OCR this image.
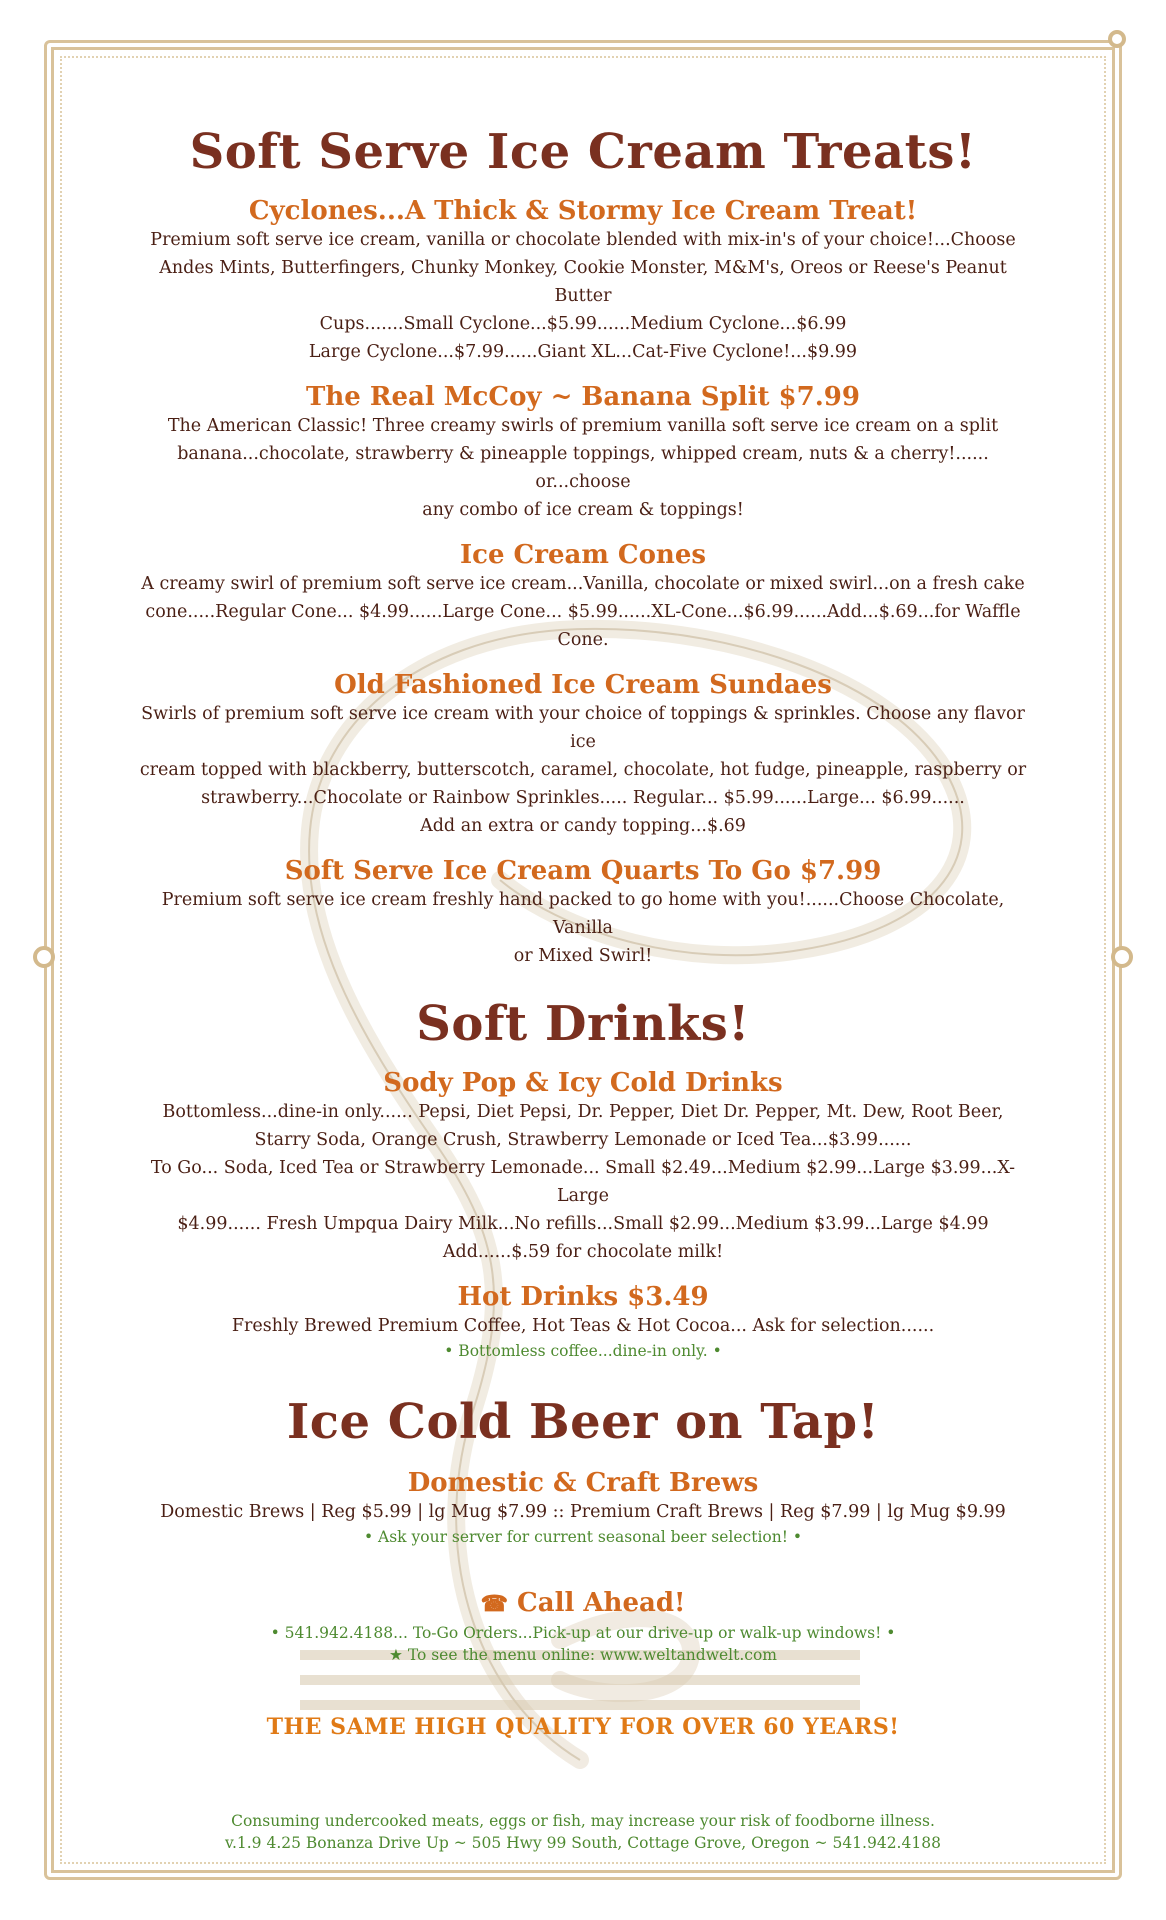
Soft Serve Ice Cream Treats!
Cyclones...A Thick & Stormy Ice Cream Treat!

Premium soft serve ice cream, vanilla or chocolate blended with mix-in's of your choice!...Choose

Andes Mints, Butterfingers, Chunky Monkey, Cookie Monster, M&M's, Oreos or Reese's Peanut Butter

Cups.......Small Cyclone...$5.99......Medium Cyclone...$6.99

Large Cyclone...$7.99......Giant XL...Cat-Five Cyclone!...$9.99

The Real McCoy ~ Banana Split $7.99

The American Classic! Three creamy swirls of premium vanilla soft serve ice cream on a split

banana...chocolate, strawberry & pineapple toppings, whipped cream, nuts & a cherry!...... or...choose

any combo of ice cream & toppings!

Ice Cream Cones

A creamy swirl of premium soft serve ice cream...Vanilla, chocolate or mixed swirl...on a fresh cake

cone.....Regular Cone... $4.99......Large Cone... $5.99......XL-Cone...$6.99......Add...$.69...for Waffle Cone.

Old Fashioned Ice Cream Sundaes

Swirls of premium soft serve ice cream with your choice of toppings & sprinkles. Choose any flavor ice

cream topped with blackberry, butterscotch, caramel, chocolate, hot fudge, pineapple, raspberry or

strawberry...Chocolate or Rainbow Sprinkles..... Regular... $5.99......Large... $6.99......

Add an extra or candy topping...$.69

Soft Serve Ice Cream Quarts To Go $7.99

Premium soft serve ice cream freshly hand packed to go home with you!......Choose Chocolate, Vanilla

or Mixed Swirl!

Soft Drinks!
Sody Pop & Icy Cold Drinks

Bottomless...dine-in only...... Pepsi, Diet Pepsi, Dr. Pepper, Diet Dr. Pepper, Mt. Dew, Root Beer,

Starry Soda, Orange Crush, Strawberry Lemonade or Iced Tea...$3.99......

To Go... Soda, Iced Tea or Strawberry Lemonade... Small $2.49...Medium $2.99...Large $3.99...X-Large

$4.99...... Fresh Umpqua Dairy Milk...No refills...Small $2.99...Medium $3.99...Large $4.99

Add......$.59 for chocolate milk!

Hot Drinks $3.49

Freshly Brewed Premium Coffee, Hot Teas & Hot Cocoa... Ask for selection......

• Bottomless coffee...dine-in only. •

Ice Cold Beer on Tap!
Domestic & Craft Brews

Domestic Brews | Reg $5.99 | lg Mug $7.99 :: Premium Craft Brews | Reg $7.99 | lg Mug $9.99

• Ask your server for current seasonal beer selection! •

☎ Call Ahead!

• 541.942.4188... To-Go Orders...Pick-up at our drive-up or walk-up windows! •

★ To see the menu online: www.weltandwelt.com

THE SAME HIGH QUALITY FOR OVER 60 YEARS!

Consuming undercooked meats, eggs or fish, may increase your risk of foodborne illness.

v.1.9 4.25 Bonanza Drive Up ~ 505 Hwy 99 South, Cottage Grove, Oregon ~ 541.942.4188
